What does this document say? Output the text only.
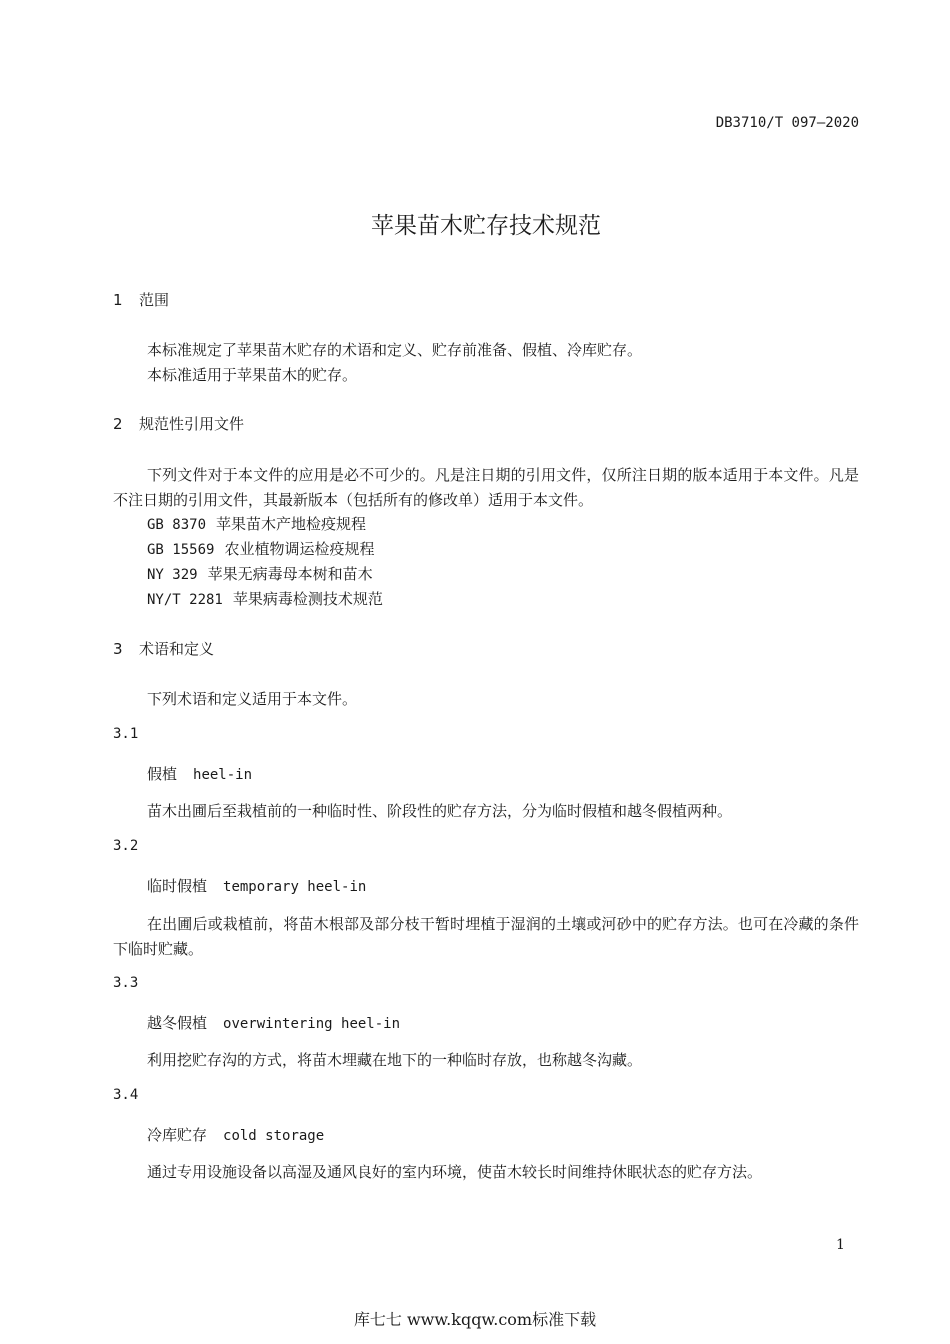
DB3710/T 097—2020
苹果苗木贮存技术规范
1 范围
本标准规定了苹果苗木贮存的术语和定义、贮存前准备、假植、冷库贮存。
本标准适用于苹果苗木的贮存。
2 规范性引用文件
下列文件对于本文件的应用是必不可少的。凡是注日期的引用文件，仅所注日期的版本适用于本文件。凡是不注日期的引用文件，其最新版本（包括所有的修改单）适用于本文件。
GB 8370 苹果苗木产地检疫规程
GB 15569 农业植物调运检疫规程
NY 329 苹果无病毒母本树和苗木
NY/T 2281 苹果病毒检测技术规范
3 术语和定义
下列术语和定义适用于本文件。
3.1
假植 heel-in
苗木出圃后至栽植前的一种临时性、阶段性的贮存方法，分为临时假植和越冬假植两种。
3.2
临时假植 temporary heel-in
在出圃后或栽植前，将苗木根部及部分枝干暂时埋植于湿润的土壤或河砂中的贮存方法。也可在冷藏的条件下临时贮藏。
3.3
越冬假植 overwintering heel-in
利用挖贮存沟的方式，将苗木埋藏在地下的一种临时存放，也称越冬沟藏。
3.4
冷库贮存 cold storage
通过专用设施设备以高湿及通风良好的室内环境，使苗木较长时间维持休眠状态的贮存方法。
1
库七七 www.kqqw.com标准下载
